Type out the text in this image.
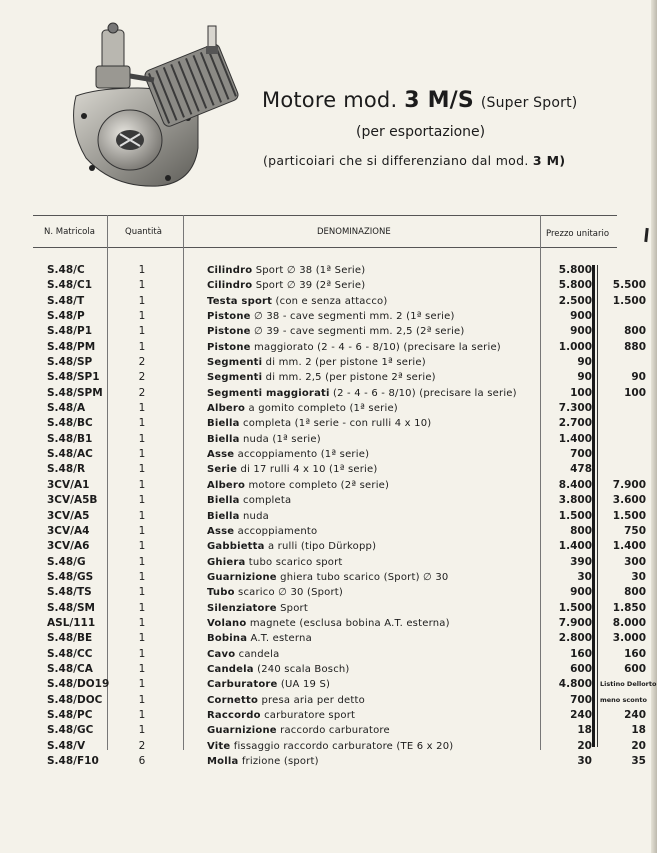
Motore mod. 3 M/S (Super Sport)
(per esportazione)
(particoiari che si differenziano dal mod. 3 M)
N. Matricola	Quantità	DENOMINAZIONE	Prezzo unitario
S.48/C	1	Cilindro Sport ∅ 38 (1ª Serie)	5.800
S.48/C1	1	Cilindro Sport ∅ 39 (2ª Serie)	5.800	5.500
S.48/T	1	Testa sport (con e senza attacco)	2.500	1.500
S.48/P	1	Pistone ∅ 38 - cave segmenti mm. 2 (1ª serie)	900
S.48/P1	1	Pistone ∅ 39 - cave segmenti mm. 2,5 (2ª serie)	900	800
S.48/PM	1	Pistone maggiorato (2 - 4 - 6 - 8/10) (precisare la serie)	1.000	880
S.48/SP	2	Segmenti di mm. 2 (per pistone 1ª serie)	90
S.48/SP1	2	Segmenti di mm. 2,5 (per pistone 2ª serie)	90	90
S.48/SPM	2	Segmenti maggiorati (2 - 4 - 6 - 8/10) (precisare la serie)	100	100
S.48/A	1	Albero a gomito completo (1ª serie)	7.300
S.48/BC	1	Biella completa (1ª serie - con rulli 4 x 10)	2.700
S.48/B1	1	Biella nuda (1ª serie)	1.400
S.48/AC	1	Asse accoppiamento (1ª serie)	700
S.48/R	1	Serie di 17 rulli 4 x 10 (1ª serie)	478
3CV/A1	1	Albero motore completo (2ª serie)	8.400	7.900
3CV/A5B	1	Biella completa	3.800	3.600
3CV/A5	1	Biella nuda	1.500	1.500
3CV/A4	1	Asse accoppiamento	800	750
3CV/A6	1	Gabbietta a rulli (tipo Dürkopp)	1.400	1.400
S.48/G	1	Ghiera tubo scarico sport	390	300
S.48/GS	1	Guarnizione ghiera tubo scarico (Sport) ∅ 30	30	30
S.48/TS	1	Tubo scarico ∅ 30 (Sport)	900	800
S.48/SM	1	Silenziatore Sport	1.500	1.850
ASL/111	1	Volano magnete (esclusa bobina A.T. esterna)	7.900	8.000
S.48/BE	1	Bobina A.T. esterna	2.800	3.000
S.48/CC	1	Cavo candela	160	160
S.48/CA	1	Candela (240 scala Bosch)	600	600
S.48/DO19	1	Carburatore (UA 19 S)	4.800 Listino Dellorto
S.48/DOC	1	Cornetto presa aria per detto	700 meno sconto
S.48/PC	1	Raccordo carburatore sport	240	240
S.48/GC	1	Guarnizione raccordo carburatore	18	18
S.48/V	2	Vite fissaggio raccordo carburatore (TE 6 x 20)	20	20
S.48/F10	6	Molla frizione (sport)	30	35
